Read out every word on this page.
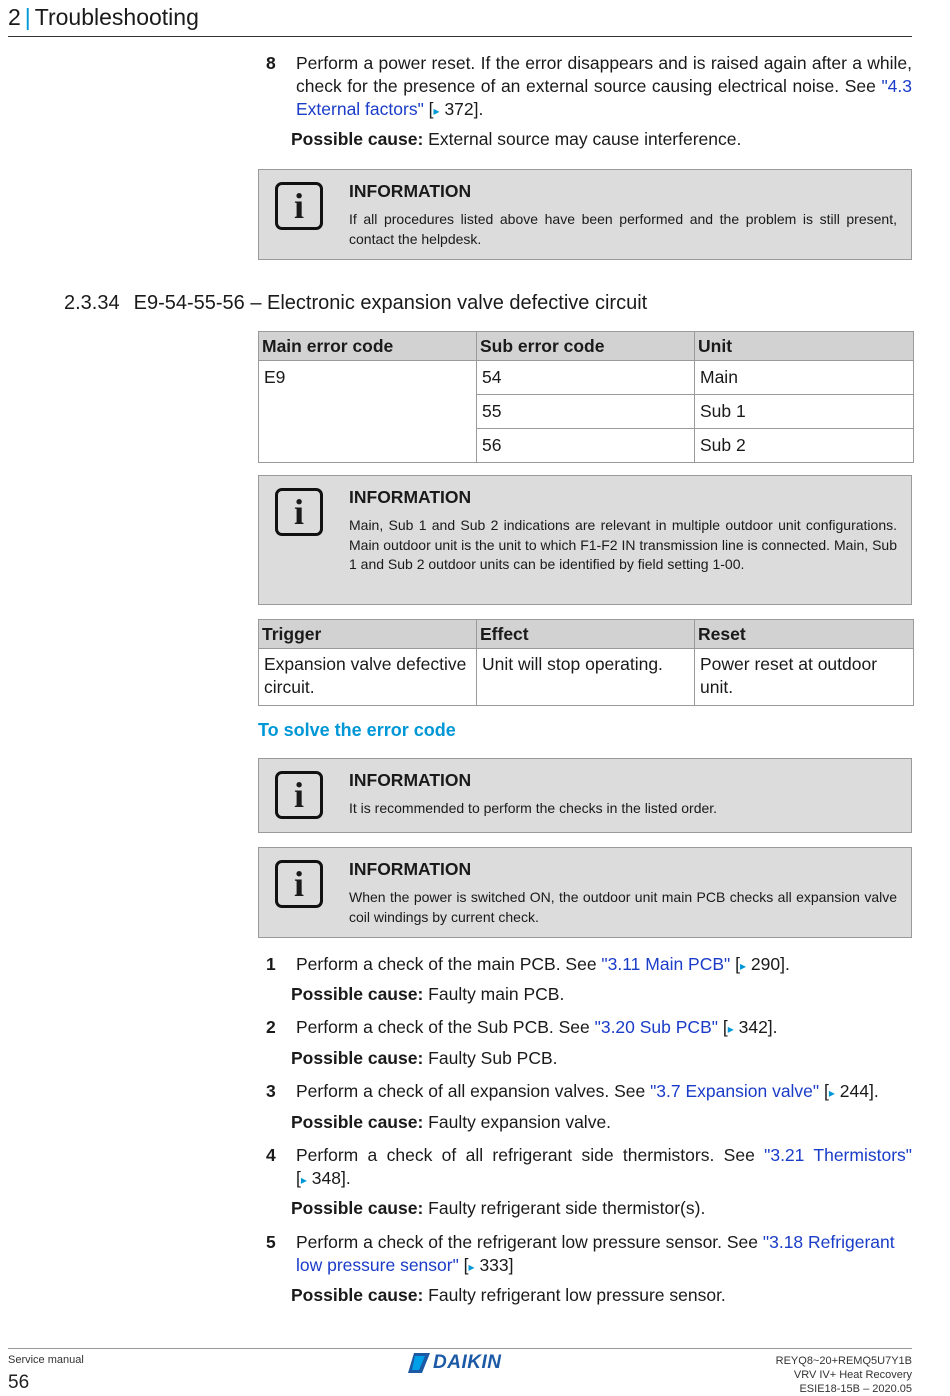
2 | Troubleshooting
8 Perform a power reset. If the error disappears and is raised again after a while, check for the presence of an external source causing electrical noise. See "4.3 External factors" [▸ 372].
Possible cause: External source may cause interference.
i	INFORMATION
If all procedures listed above have been performed and the problem is still present, contact the helpdesk.
2.3.34 E9-54-55-56 – Electronic expansion valve defective circuit
Main error code	Sub error code	Unit
E9	54	Main
	55	Sub 1
	56	Sub 2
i	INFORMATION
Main, Sub 1 and Sub 2 indications are relevant in multiple outdoor unit configurations. Main outdoor unit is the unit to which F1-F2 IN transmission line is connected. Main, Sub 1 and Sub 2 outdoor units can be identified by field setting 1-00.
Trigger	Effect	Reset
Expansion valve defective circuit.	Unit will stop operating.	Power reset at outdoor unit.
To solve the error code
i	INFORMATION
It is recommended to perform the checks in the listed order.
i	INFORMATION
When the power is switched ON, the outdoor unit main PCB checks all expansion valve coil windings by current check.
1 Perform a check of the main PCB. See "3.11 Main PCB" [▸ 290].
Possible cause: Faulty main PCB.
2 Perform a check of the Sub PCB. See "3.20 Sub PCB" [▸ 342].
Possible cause: Faulty Sub PCB.
3 Perform a check of all expansion valves. See "3.7 Expansion valve" [▸ 244].
Possible cause: Faulty expansion valve.
4 Perform a check of all refrigerant side thermistors. See "3.21 Thermistors" [▸ 348].
Possible cause: Faulty refrigerant side thermistor(s).
5 Perform a check of the refrigerant low pressure sensor. See "3.18 Refrigerant low pressure sensor" [▸ 333]
Possible cause: Faulty refrigerant low pressure sensor.
Service manual
56
DAIKIN	REYQ8~20+REMQ5U7Y1B
VRV IV+ Heat Recovery
ESIE18-15B – 2020.05
